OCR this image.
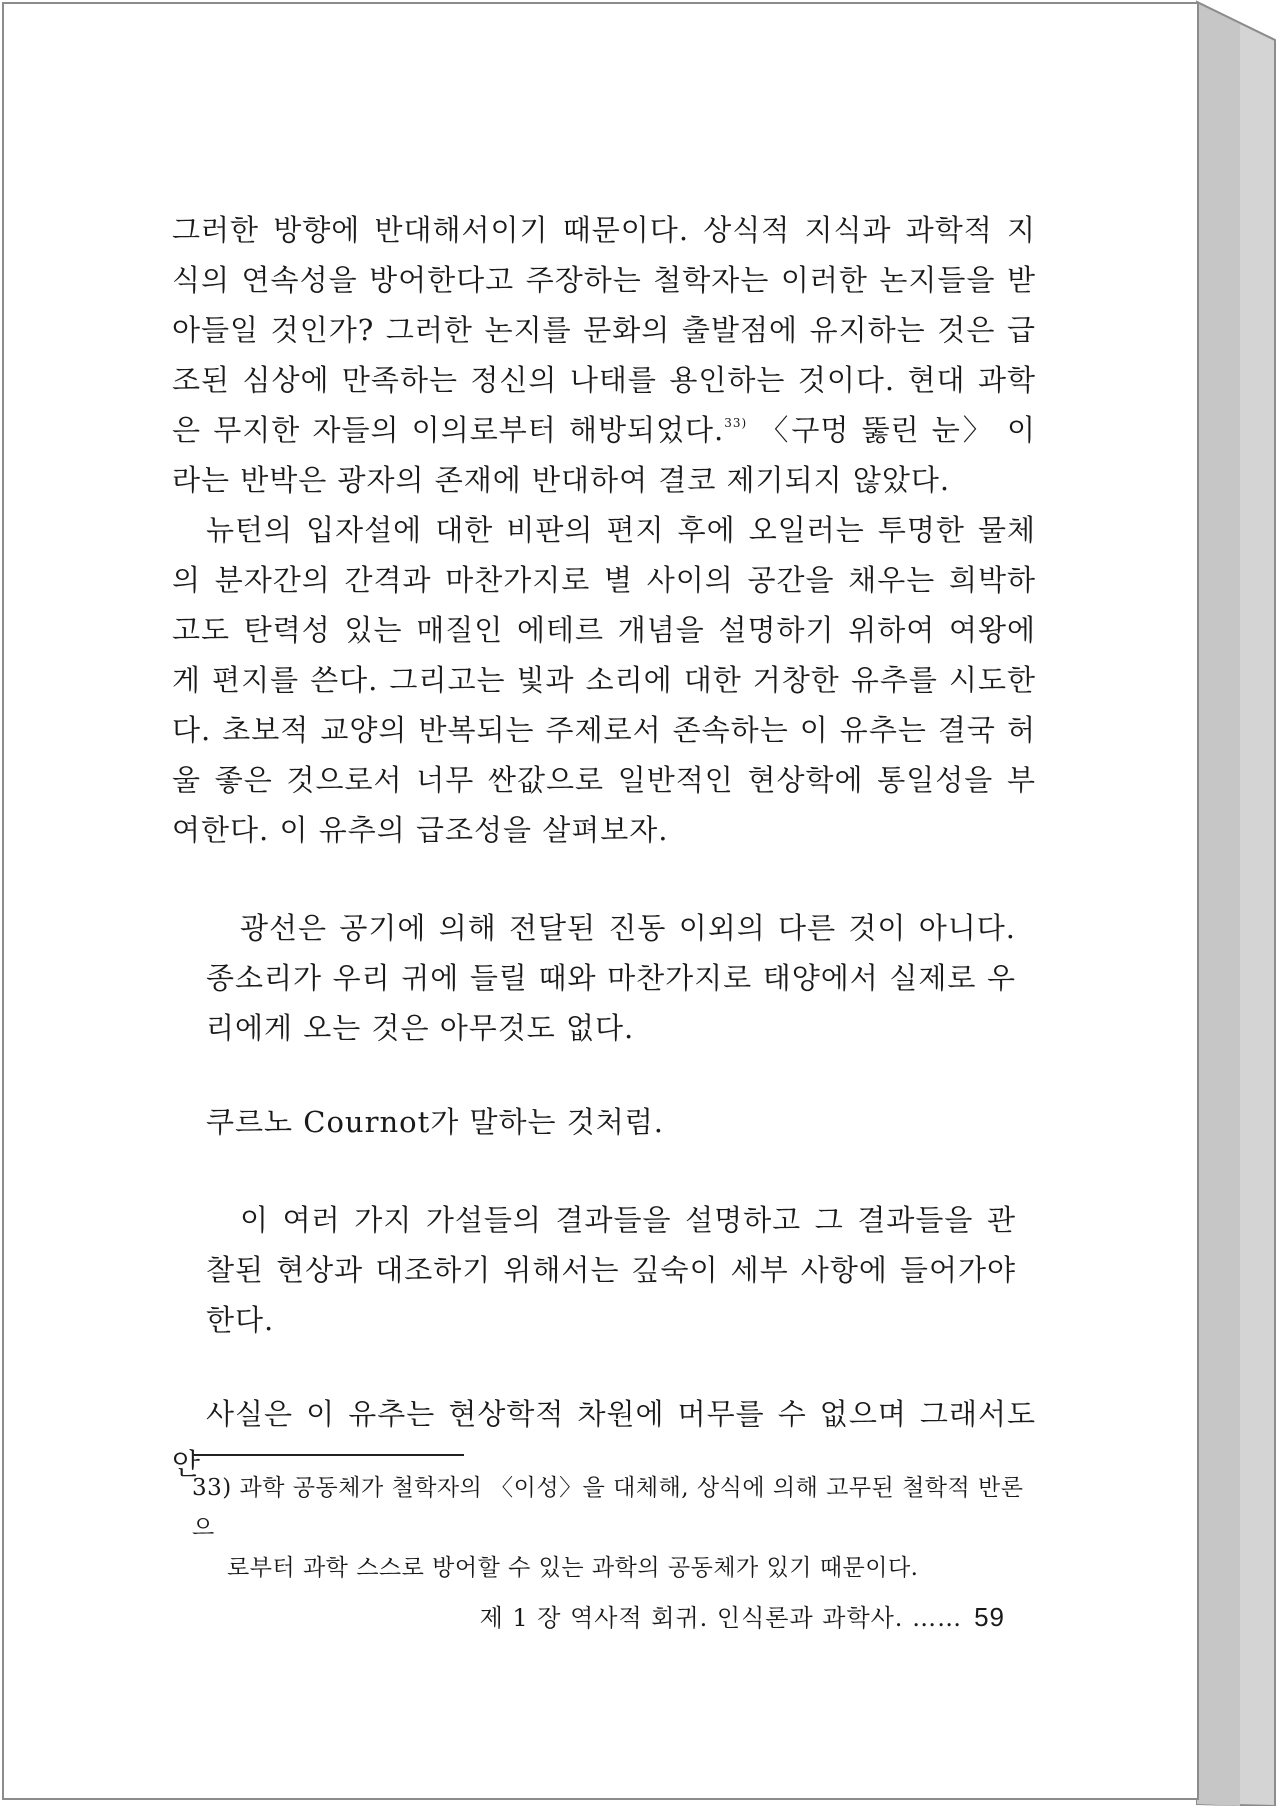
그러한 방향에 반대해서이기 때문이다. 상식적 지식과 과학적 지식의 연속성을 방어한다고 주장하는 철학자는 이러한 논지들을 받아들일 것인가? 그러한 논지를 문화의 출발점에 유지하는 것은 급조된 심상에 만족하는 정신의 나태를 용인하는 것이다. 현대 과학은 무지한 자들의 이의로부터 해방되었다.$^{33)}$ 〈구멍 뚫린 눈〉 이라는 반박은 광자의 존재에 반대하여 결코 제기되지 않았다.

뉴턴의 입자설에 대한 비판의 편지 후에 오일러는 투명한 물체의 분자간의 간격과 마찬가지로 별 사이의 공간을 채우는 희박하고도 탄력성 있는 매질인 에테르 개념을 설명하기 위하여 여왕에게 편지를 쓴다. 그리고는 빛과 소리에 대한 거창한 유추를 시도한다. 초보적 교양의 반복되는 주제로서 존속하는 이 유추는 결국 허울 좋은 것으로서 너무 싼값으로 일반적인 현상학에 통일성을 부여한다. 이 유추의 급조성을 살펴보자.

광선은 공기에 의해 전달된 진동 이외의 다른 것이 아니다. 종소리가 우리 귀에 들릴 때와 마찬가지로 태양에서 실제로 우리에게 오는 것은 아무것도 없다.

쿠르노 Cournot가 말하는 것처럼.

이 여러 가지 가설들의 결과들을 설명하고 그 결과들을 관찰된 현상과 대조하기 위해서는 깊숙이 세부 사항에 들어가야 한다.

사실은 이 유추는 현상학적 차원에 머무를 수 없으며 그래서도 안

33) 과학 공동체가 철학자의 〈이성〉을 대체해, 상식에 의해 고무된 철학적 반론으
로부터 과학 스스로 방어할 수 있는 과학의 공동체가 있기 때문이다.
제 1 장 역사적 회귀. 인식론과 과학사. …… 59
